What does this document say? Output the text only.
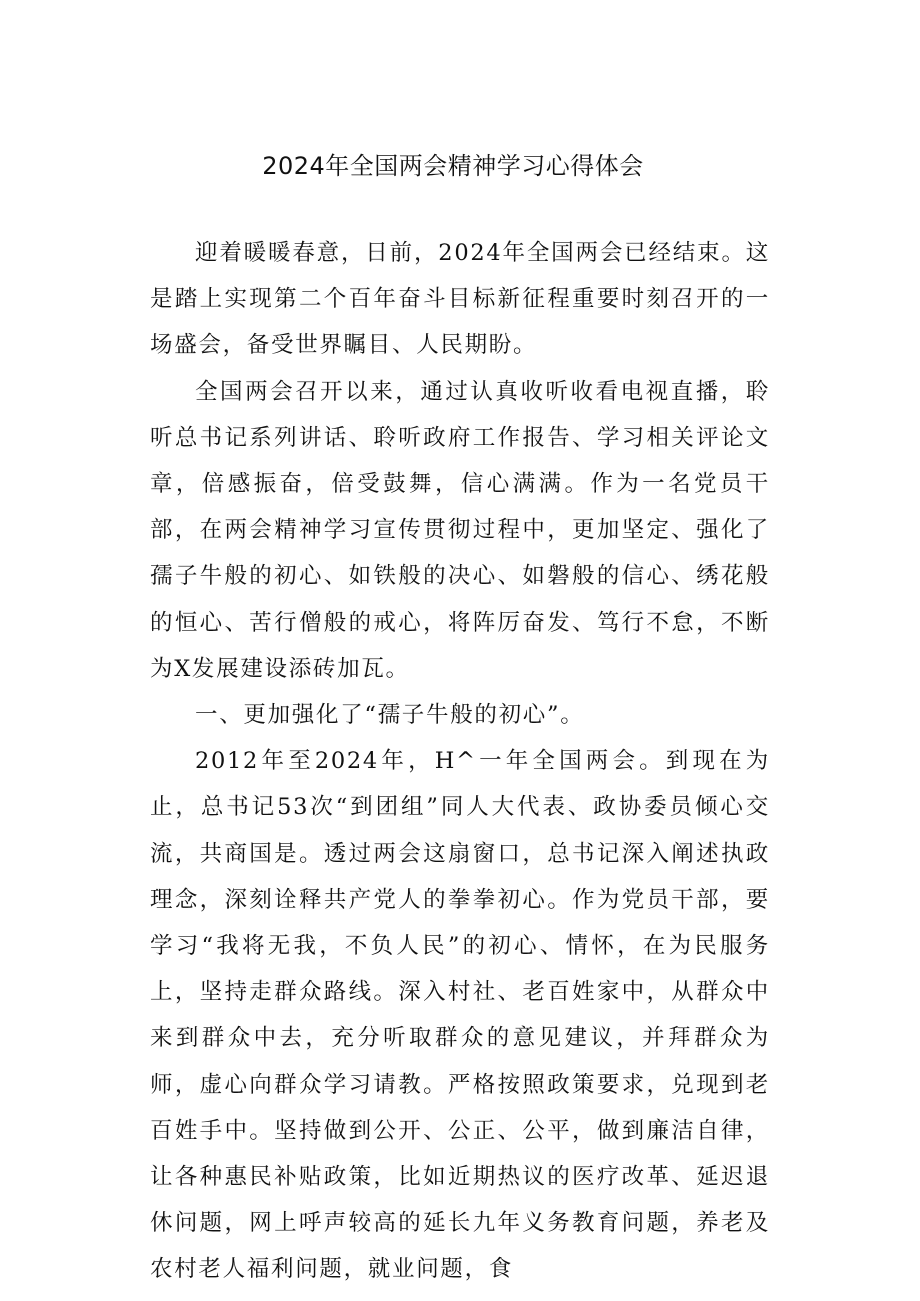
2024年全国两会精神学习心得体会

迎着暖暖春意，日前，2024年全国两会已经结束。这是踏上实现第二个百年奋斗目标新征程重要时刻召开的一场盛会，备受世界瞩目、人民期盼。

全国两会召开以来，通过认真收听收看电视直播，聆听总书记系列讲话、聆听政府工作报告、学习相关评论文章，倍感振奋，倍受鼓舞，信心满满。作为一名党员干部，在两会精神学习宣传贯彻过程中，更加坚定、强化了孺子牛般的初心、如铁般的决心、如磐般的信心、绣花般的恒心、苦行僧般的戒心，将阵厉奋发、笃行不怠，不断为X发展建设添砖加瓦。

一、更加强化了“孺子牛般的初心”。

2012年至2024年，H^一年全国两会。到现在为止，总书记53次“到团组”同人大代表、政协委员倾心交流，共商国是。透过两会这扇窗口，总书记深入阐述执政理念，深刻诠释共产党人的拳拳初心。作为党员干部，要学习“我将无我，不负人民”的初心、情怀，在为民服务上，坚持走群众路线。深入村社、老百姓家中，从群众中来到群众中去，充分听取群众的意见建议，并拜群众为师，虚心向群众学习请教。严格按照政策要求，兑现到老百姓手中。坚持做到公开、公正、公平，做到廉洁自律，让各种惠民补贴政策，比如近期热议的医疗改革、延迟退休问题，网上呼声较高的延长九年义务教育问题，养老及农村老人福利问题，就业问题，食
